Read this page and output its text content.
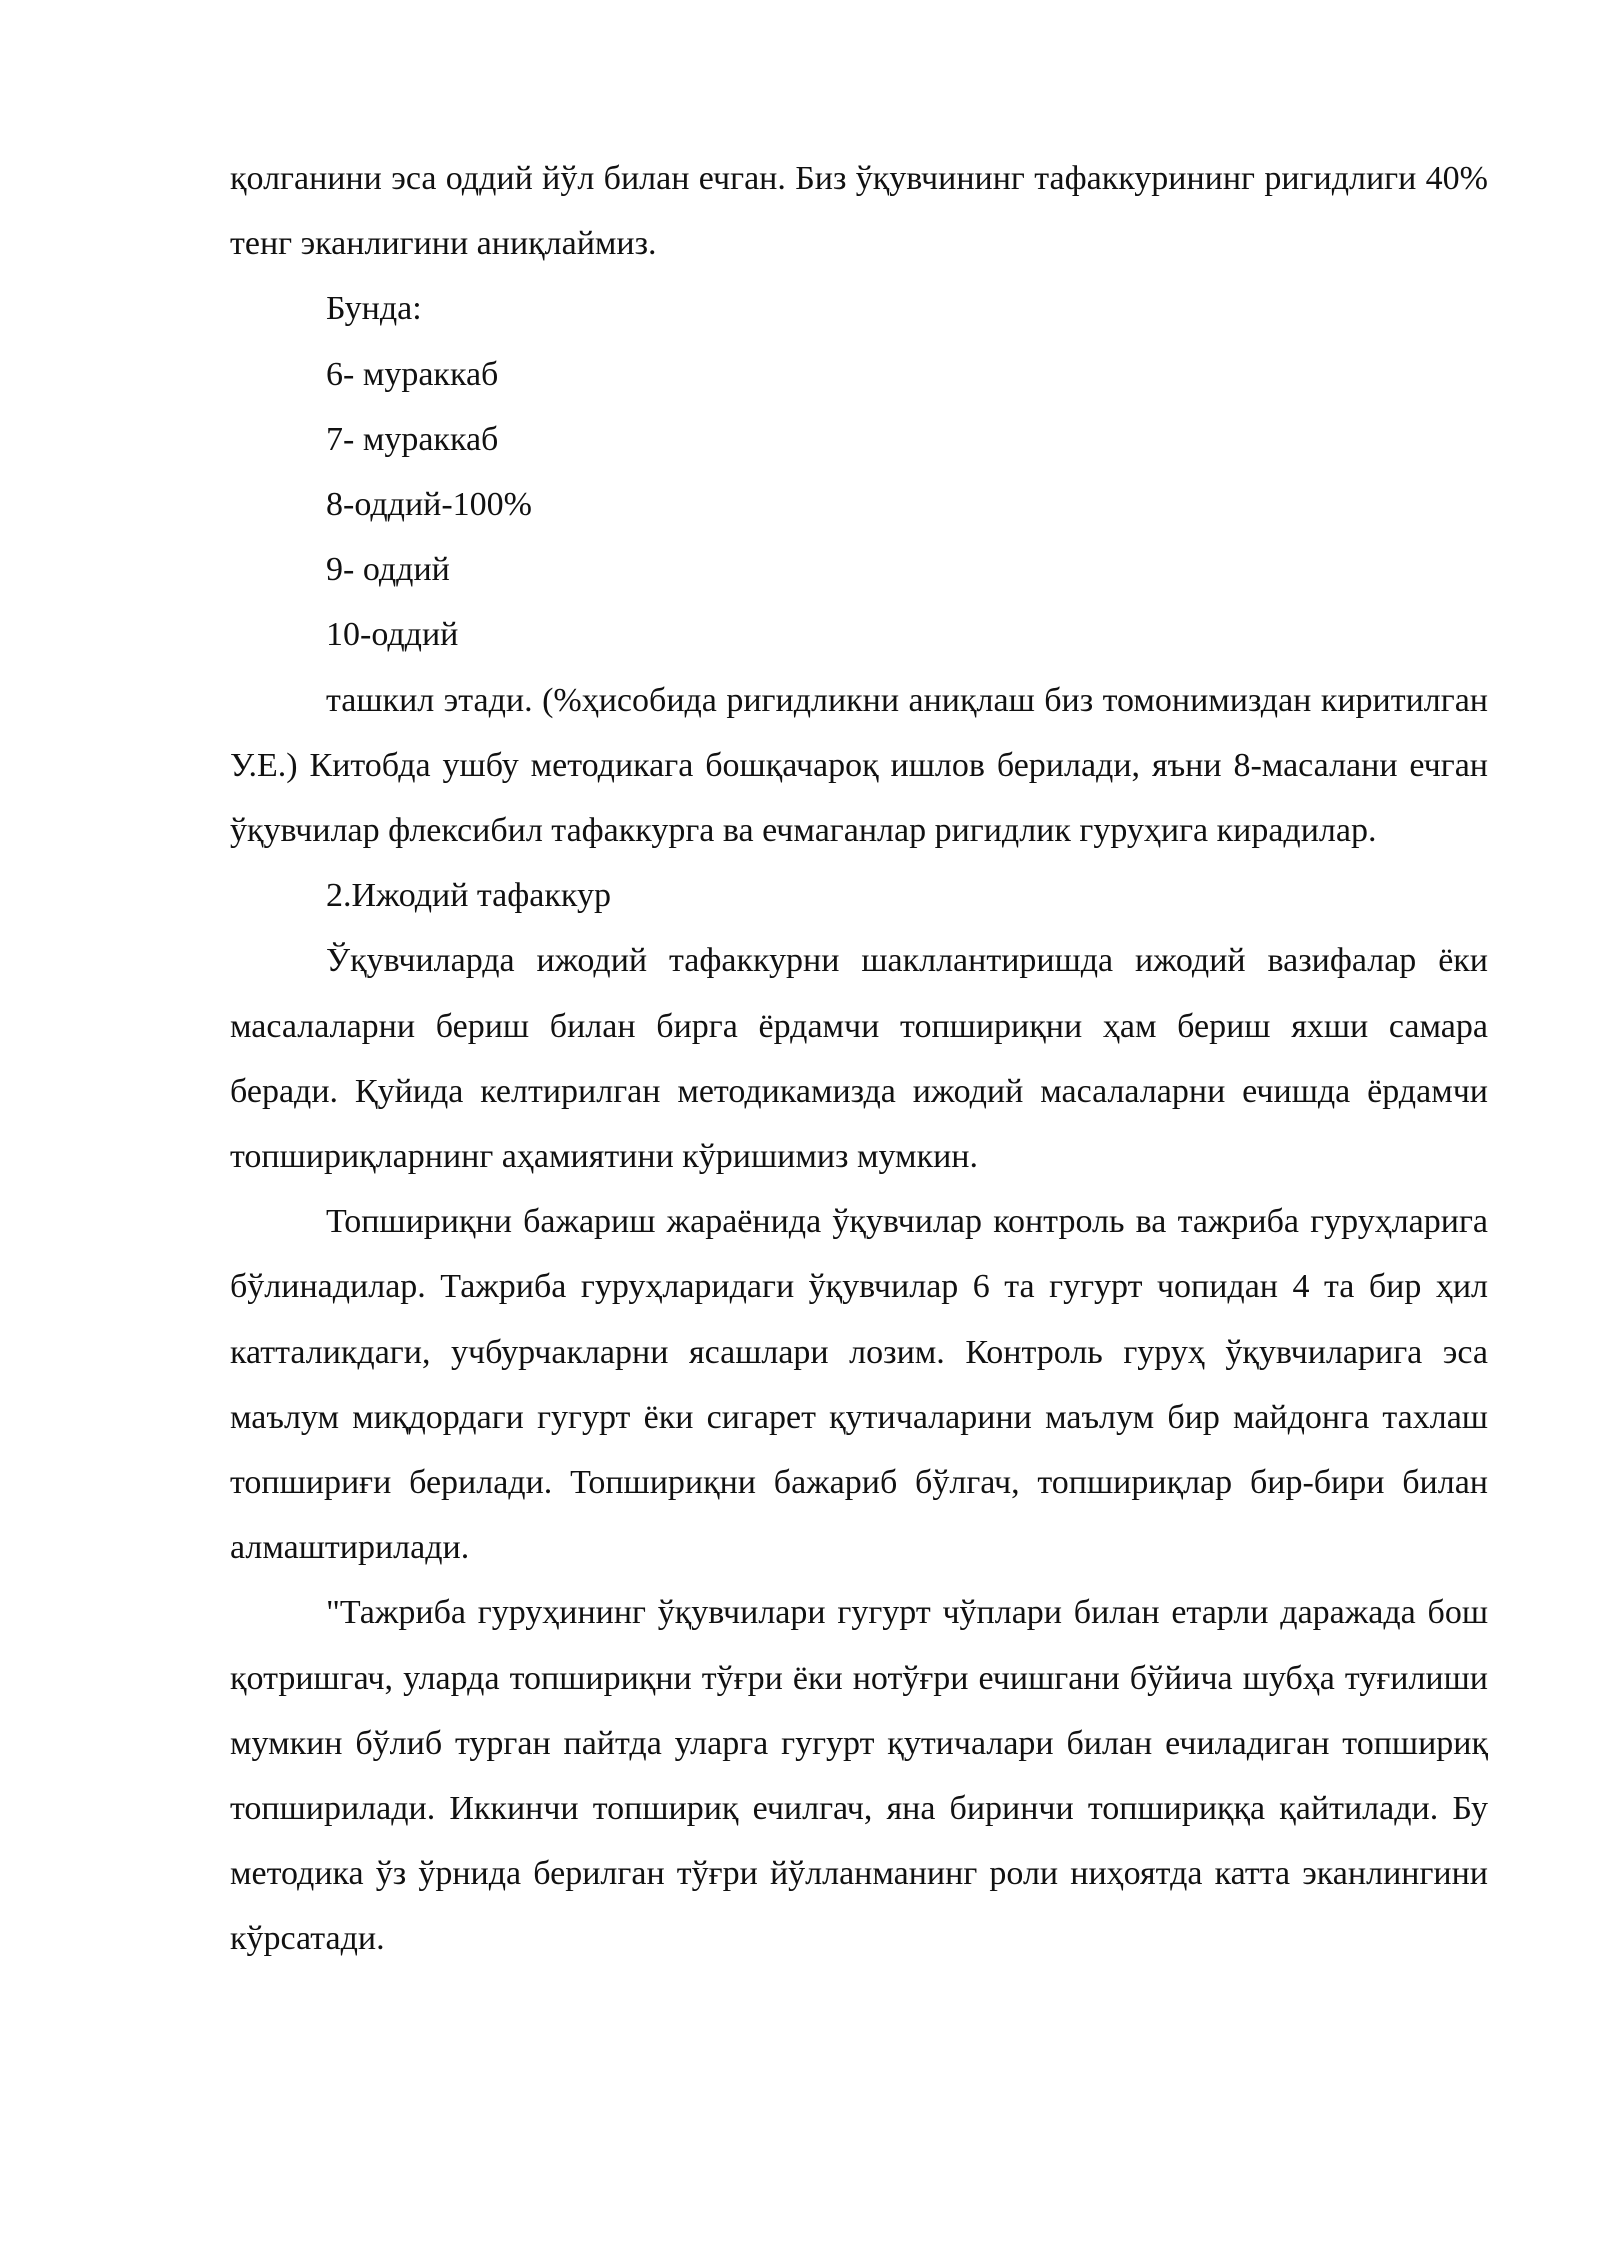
қолганини эса оддий йўл билан ечган. Биз ўқувчининг тафаккурининг ригидлиги 40% тенг эканлигини аниқлаймиз.

Бунда:

6- мураккаб

7- мураккаб

8-оддий-100%

9- оддий

10-оддий

ташкил этади. (%ҳисобида ригидликни аниқлаш биз томонимиздан киритилган У.Е.) Китобда ушбу методикага бошқачароқ ишлов берилади, яъни 8-масалани ечган ўқувчилар флексибил тафаккурга ва ечмаганлар ригидлик гуруҳига кирадилар.

2.Ижодий тафаккур

Ўқувчиларда ижодий тафаккурни шакллантиришда ижодий вазифалар ёки масалаларни бериш билан бирга ёрдамчи топшириқни ҳам бериш яхши самара беради. Қуйида келтирилган методикамизда ижодий масалаларни ечишда ёрдамчи топшириқларнинг аҳамиятини кўришимиз мумкин.

Топшириқни бажариш жараёнида ўқувчилар контроль ва тажриба гуруҳларига бўлинадилар. Тажриба гуруҳларидаги ўқувчилар 6 та гугурт чопидан 4 та бир ҳил катталикдаги, учбурчакларни ясашлари лозим. Контроль гуруҳ ўқувчиларига эса маълум миқдордаги гугурт ёки сигарет қутичаларини маълум бир майдонга тахлаш топшириғи берилади. Топшириқни бажариб бўлгач, топшириқлар бир-бири билан алмаштирилади.

"Тажриба гуруҳининг ўқувчилари гугурт чўплари билан етарли даражада бош қотришгач, уларда топшириқни тўғри ёки нотўғри ечишгани бўйича шубҳа туғилиши мумкин бўлиб турган пайтда уларга гугурт қутичалари билан ечиладиган топшириқ топширилади. Иккинчи топшириқ ечилгач, яна биринчи топшириққа қайтилади. Бу методика ўз ўрнида берилган тўғри йўлланманинг роли ниҳоятда катта эканлингини кўрсатади.
